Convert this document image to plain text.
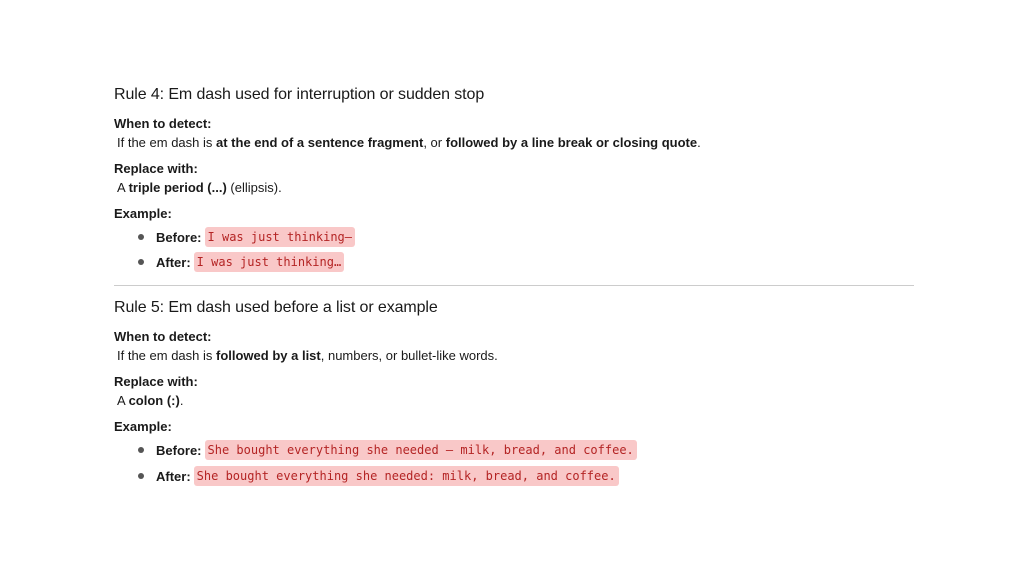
Rule 4: Em dash used for interruption or sudden stop
When to detect:
If the em dash is at the end of a sentence fragment, or followed by a line break or closing quote.
Replace with:
A triple period (...) (ellipsis).
Example:
Before: I was just thinking—
After: I was just thinking…
Rule 5: Em dash used before a list or example
When to detect:
If the em dash is followed by a list, numbers, or bullet-like words.
Replace with:
A colon (:).
Example:
Before: She bought everything she needed — milk, bread, and coffee.
After: She bought everything she needed: milk, bread, and coffee.
